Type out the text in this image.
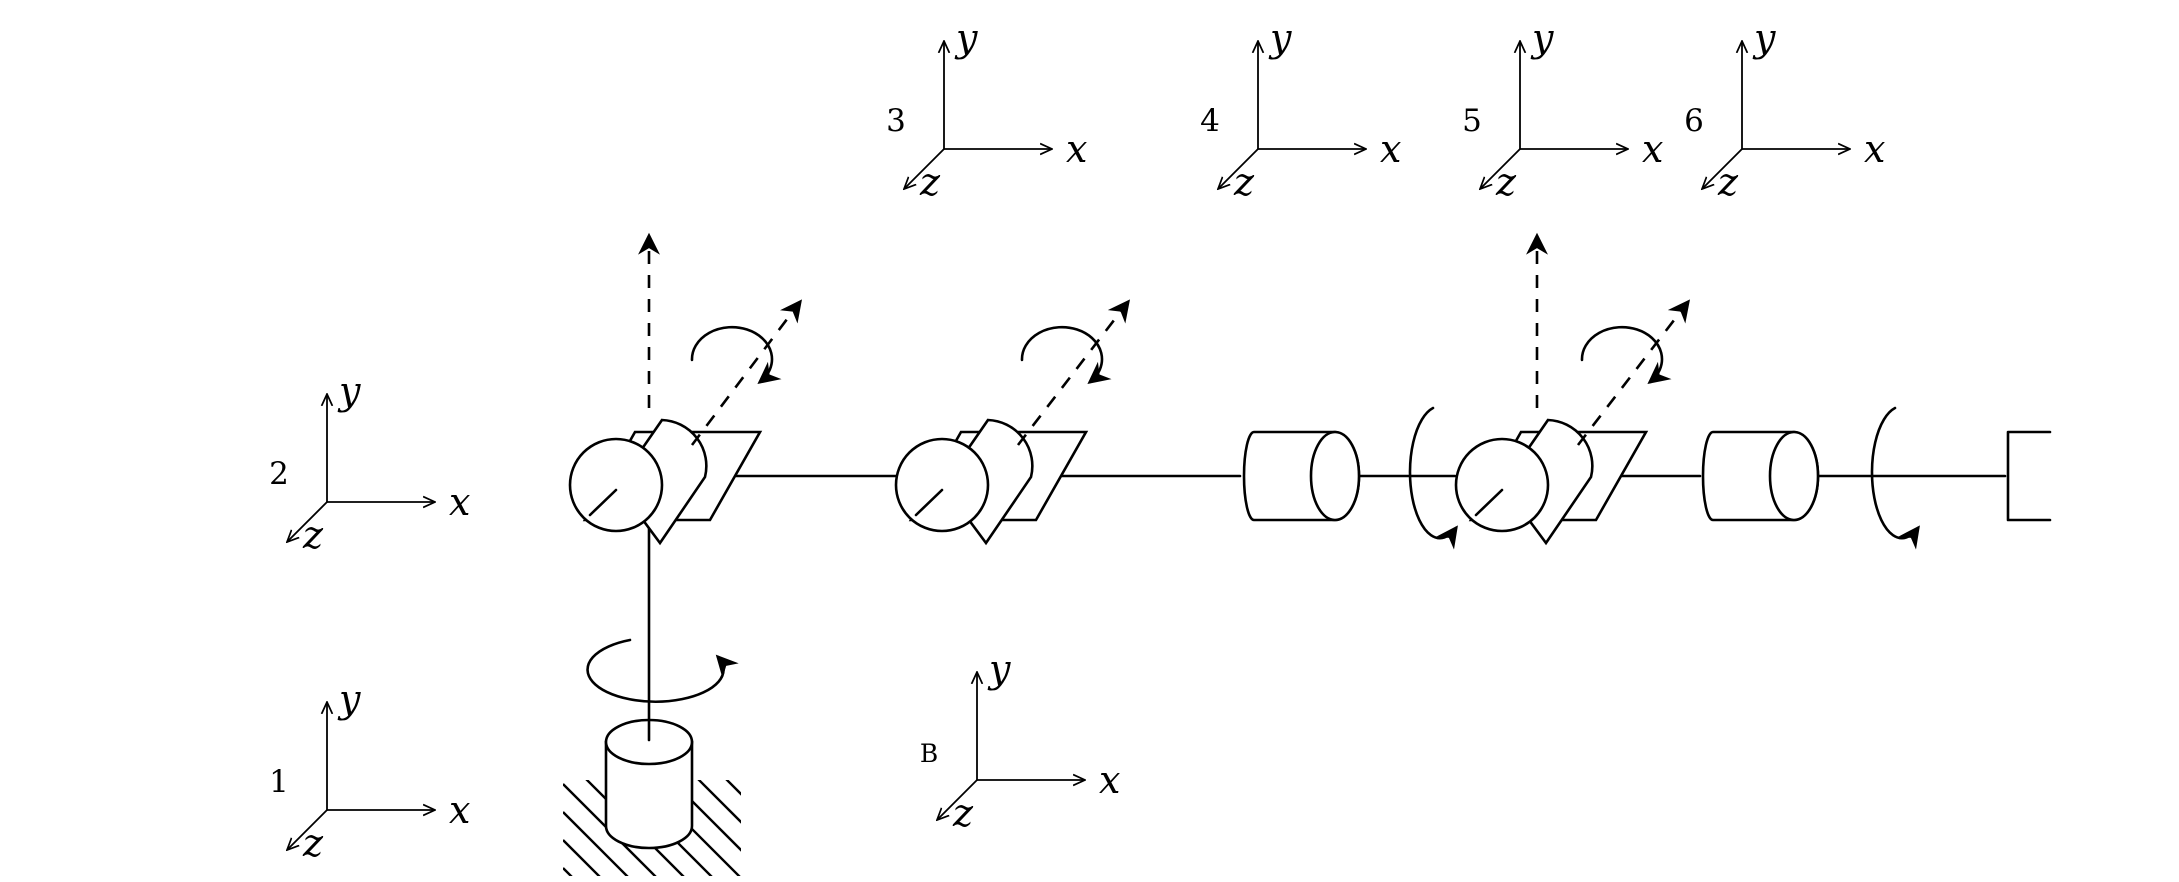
x
y
z
1
x
y
z
2
x
y
z
3
x
y
z
4
x
y
z
5
x
y
z
6
x
y
z
B
